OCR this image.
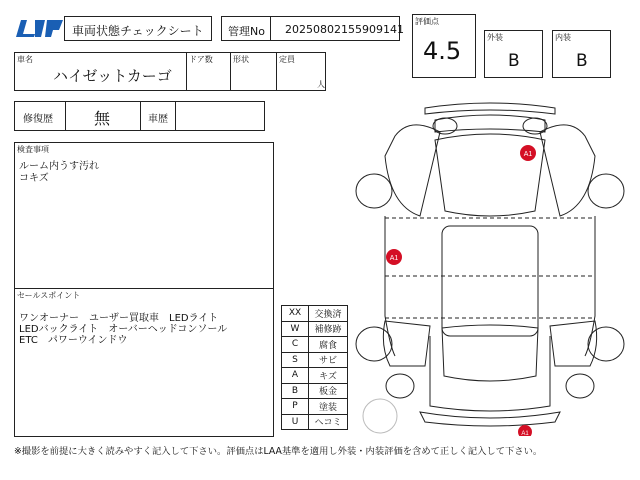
LAA	車両状態チェックシート 管理No 20250802155909141
評価点
4.5	外装
B
内装
B
車名
ハイゼットカーゴ
ドア数	形状	定員
人
修復歴	無	車歴
検査事項
ルーム内うす汚れ
コキズ
セールスポイント
ワンオーナー　ユーザー買取車　LEDライト
LEDバックライト　オーバーヘッドコンソール
ETC　パワーウインドウ
XX	交換済
W	補修跡
C	腐食
S	サビ
A	キズ
B	板金
P	塗装
U	ヘコミ
A1
A1
A1
※撮影を前提に大きく読みやすく記入して下さい。評価点はLAA基準を適用し外装・内装評価を含めて正しく記入して下さい。
